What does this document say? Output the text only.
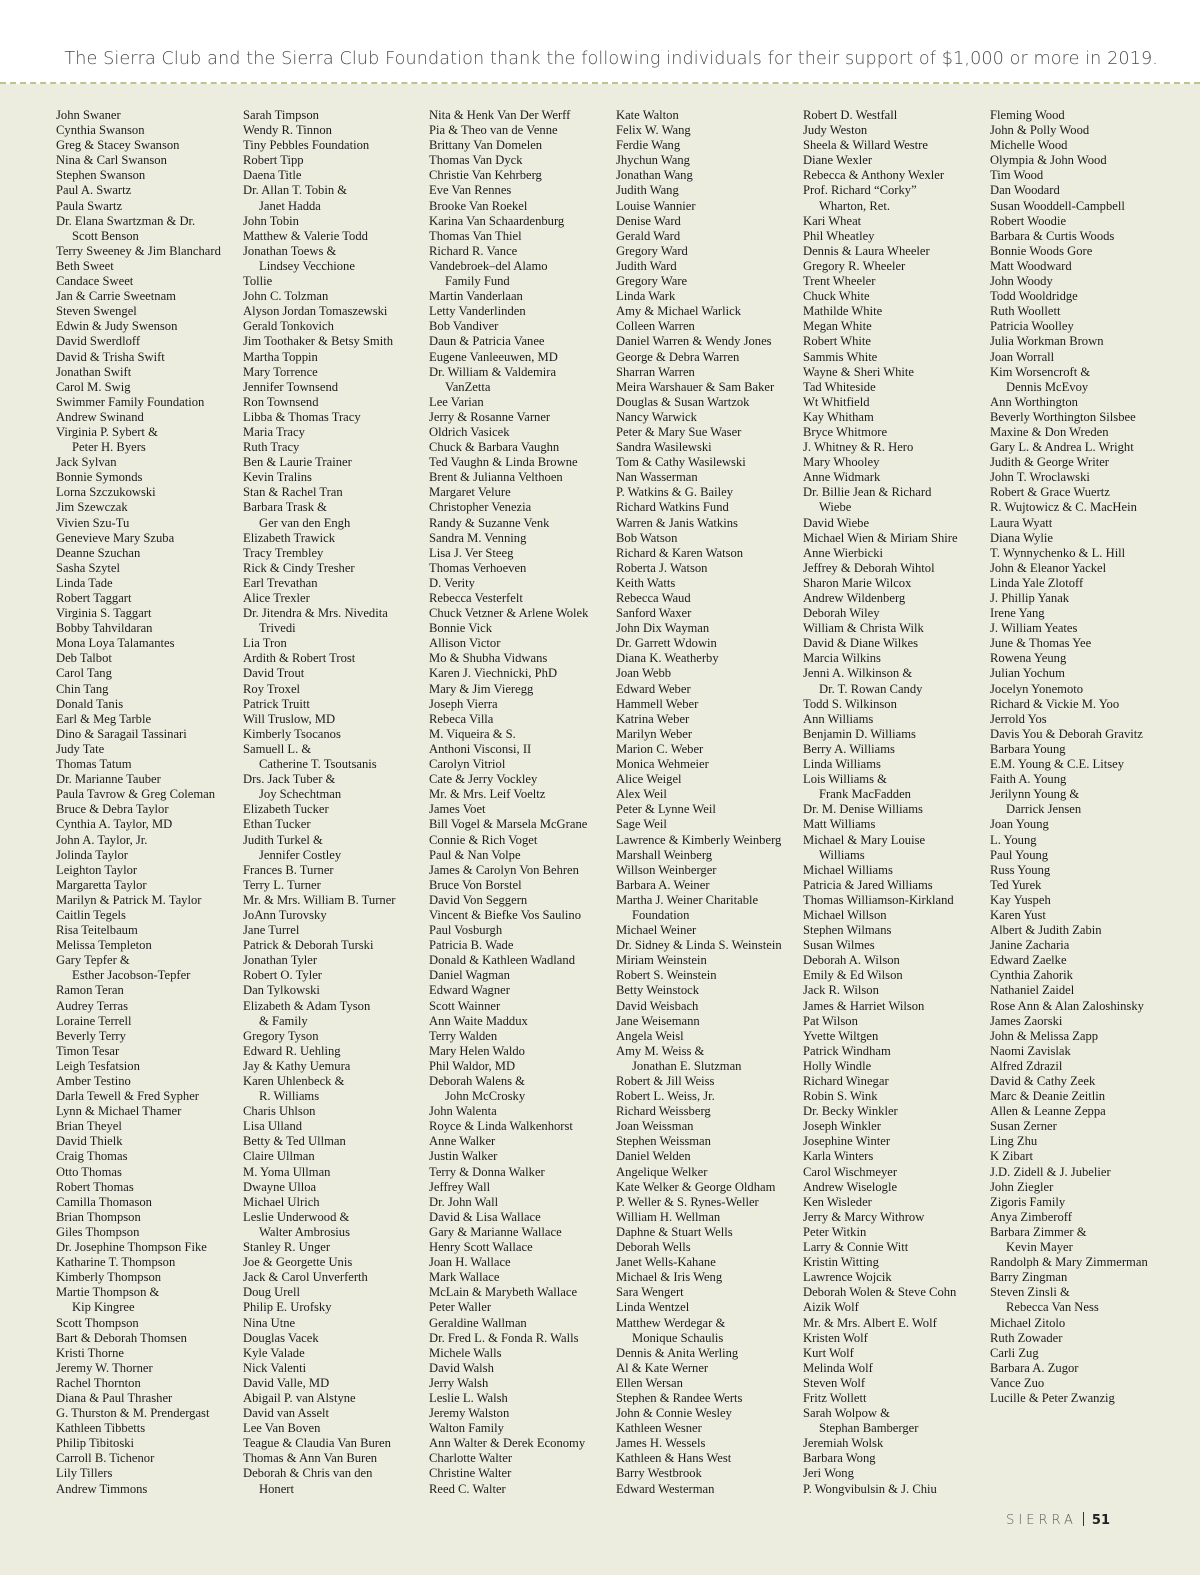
The Sierra Club and the Sierra Club Foundation thank the following individuals for their support of $1,000 or more in 2019.
John Swaner
Cynthia Swanson
Greg & Stacey Swanson
Nina & Carl Swanson
Stephen Swanson
Paul A. Swartz
Paula Swartz
Dr. Elana Swartzman & Dr.
Scott Benson
Terry Sweeney & Jim Blanchard
Beth Sweet
Candace Sweet
Jan & Carrie Sweetnam
Steven Swengel
Edwin & Judy Swenson
David Swerdloff
David & Trisha Swift
Jonathan Swift
Carol M. Swig
Swimmer Family Foundation
Andrew Swinand
Virginia P. Sybert &
Peter H. Byers
Jack Sylvan
Bonnie Symonds
Lorna Szczukowski
Jim Szewczak
Vivien Szu-Tu
Genevieve Mary Szuba
Deanne Szuchan
Sasha Szytel
Linda Tade
Robert Taggart
Virginia S. Taggart
Bobby Tahvildaran
Mona Loya Talamantes
Deb Talbot
Carol Tang
Chin Tang
Donald Tanis
Earl & Meg Tarble
Dino & Saragail Tassinari
Judy Tate
Thomas Tatum
Dr. Marianne Tauber
Paula Tavrow & Greg Coleman
Bruce & Debra Taylor
Cynthia A. Taylor, MD
John A. Taylor, Jr.
Jolinda Taylor
Leighton Taylor
Margaretta Taylor
Marilyn & Patrick M. Taylor
Caitlin Tegels
Risa Teitelbaum
Melissa Templeton
Gary Tepfer &
Esther Jacobson-Tepfer
Ramon Teran
Audrey Terras
Loraine Terrell
Beverly Terry
Timon Tesar
Leigh Tesfatsion
Amber Testino
Darla Tewell & Fred Sypher
Lynn & Michael Thamer
Brian Theyel
David Thielk
Craig Thomas
Otto Thomas
Robert Thomas
Camilla Thomason
Brian Thompson
Giles Thompson
Dr. Josephine Thompson Fike
Katharine T. Thompson
Kimberly Thompson
Martie Thompson &
Kip Kingree
Scott Thompson
Bart & Deborah Thomsen
Kristi Thorne
Jeremy W. Thorner
Rachel Thornton
Diana & Paul Thrasher
G. Thurston & M. Prendergast
Kathleen Tibbetts
Philip Tibitoski
Carroll B. Tichenor
Lily Tillers
Andrew Timmons
Sarah Timpson
Wendy R. Tinnon
Tiny Pebbles Foundation
Robert Tipp
Daena Title
Dr. Allan T. Tobin &
Janet Hadda
John Tobin
Matthew & Valerie Todd
Jonathan Toews &
Lindsey Vecchione
Tollie
John C. Tolzman
Alyson Jordan Tomaszewski
Gerald Tonkovich
Jim Toothaker & Betsy Smith
Martha Toppin
Mary Torrence
Jennifer Townsend
Ron Townsend
Libba & Thomas Tracy
Maria Tracy
Ruth Tracy
Ben & Laurie Trainer
Kevin Tralins
Stan & Rachel Tran
Barbara Trask &
Ger van den Engh
Elizabeth Trawick
Tracy Trembley
Rick & Cindy Tresher
Earl Trevathan
Alice Trexler
Dr. Jitendra & Mrs. Nivedita
Trivedi
Lia Tron
Ardith & Robert Trost
David Trout
Roy Troxel
Patrick Truitt
Will Truslow, MD
Kimberly Tsocanos
Samuell L. &
Catherine T. Tsoutsanis
Drs. Jack Tuber &
Joy Schechtman
Elizabeth Tucker
Ethan Tucker
Judith Turkel &
Jennifer Costley
Frances B. Turner
Terry L. Turner
Mr. & Mrs. William B. Turner
JoAnn Turovsky
Jane Turrel
Patrick & Deborah Turski
Jonathan Tyler
Robert O. Tyler
Dan Tylkowski
Elizabeth & Adam Tyson
& Family
Gregory Tyson
Edward R. Uehling
Jay & Kathy Uemura
Karen Uhlenbeck &
R. Williams
Charis Uhlson
Lisa Ulland
Betty & Ted Ullman
Claire Ullman
M. Yoma Ullman
Dwayne Ulloa
Michael Ulrich
Leslie Underwood &
Walter Ambrosius
Stanley R. Unger
Joe & Georgette Unis
Jack & Carol Unverferth
Doug Urell
Philip E. Urofsky
Nina Utne
Douglas Vacek
Kyle Valade
Nick Valenti
David Valle, MD
Abigail P. van Alstyne
David van Asselt
Lee Van Boven
Teague & Claudia Van Buren
Thomas & Ann Van Buren
Deborah & Chris van den
Honert
Nita & Henk Van Der Werff
Pia & Theo van de Venne
Brittany Van Domelen
Thomas Van Dyck
Christie Van Kehrberg
Eve Van Rennes
Brooke Van Roekel
Karina Van Schaardenburg
Thomas Van Thiel
Richard R. Vance
Vandebroek–del Alamo
Family Fund
Martin Vanderlaan
Letty Vanderlinden
Bob Vandiver
Daun & Patricia Vanee
Eugene Vanleeuwen, MD
Dr. William & Valdemira
VanZetta
Lee Varian
Jerry & Rosanne Varner
Oldrich Vasicek
Chuck & Barbara Vaughn
Ted Vaughn & Linda Browne
Brent & Julianna Velthoen
Margaret Velure
Christopher Venezia
Randy & Suzanne Venk
Sandra M. Venning
Lisa J. Ver Steeg
Thomas Verhoeven
D. Verity
Rebecca Vesterfelt
Chuck Vetzner & Arlene Wolek
Bonnie Vick
Allison Victor
Mo & Shubha Vidwans
Karen J. Viechnicki, PhD
Mary & Jim Vieregg
Joseph Vierra
Rebeca Villa
M. Viqueira & S.
Anthoni Visconsi, II
Carolyn Vitriol
Cate & Jerry Vockley
Mr. & Mrs. Leif Voeltz
James Voet
Bill Vogel & Marsela McGrane
Connie & Rich Voget
Paul & Nan Volpe
James & Carolyn Von Behren
Bruce Von Borstel
David Von Seggern
Vincent & Biefke Vos Saulino
Paul Vosburgh
Patricia B. Wade
Donald & Kathleen Wadland
Daniel Wagman
Edward Wagner
Scott Wainner
Ann Waite Maddux
Terry Walden
Mary Helen Waldo
Phil Waldor, MD
Deborah Walens &
John McCrosky
John Walenta
Royce & Linda Walkenhorst
Anne Walker
Justin Walker
Terry & Donna Walker
Jeffrey Wall
Dr. John Wall
David & Lisa Wallace
Gary & Marianne Wallace
Henry Scott Wallace
Joan H. Wallace
Mark Wallace
McLain & Marybeth Wallace
Peter Waller
Geraldine Wallman
Dr. Fred L. & Fonda R. Walls
Michele Walls
David Walsh
Jerry Walsh
Leslie L. Walsh
Jeremy Walston
Walton Family
Ann Walter & Derek Economy
Charlotte Walter
Christine Walter
Reed C. Walter
Kate Walton
Felix W. Wang
Ferdie Wang
Jhychun Wang
Jonathan Wang
Judith Wang
Louise Wannier
Denise Ward
Gerald Ward
Gregory Ward
Judith Ward
Gregory Ware
Linda Wark
Amy & Michael Warlick
Colleen Warren
Daniel Warren & Wendy Jones
George & Debra Warren
Sharran Warren
Meira Warshauer & Sam Baker
Douglas & Susan Wartzok
Nancy Warwick
Peter & Mary Sue Waser
Sandra Wasilewski
Tom & Cathy Wasilewski
Nan Wasserman
P. Watkins & G. Bailey
Richard Watkins Fund
Warren & Janis Watkins
Bob Watson
Richard & Karen Watson
Roberta J. Watson
Keith Watts
Rebecca Waud
Sanford Waxer
John Dix Wayman
Dr. Garrett Wdowin
Diana K. Weatherby
Joan Webb
Edward Weber
Hammell Weber
Katrina Weber
Marilyn Weber
Marion C. Weber
Monica Wehmeier
Alice Weigel
Alex Weil
Peter & Lynne Weil
Sage Weil
Lawrence & Kimberly Weinberg
Marshall Weinberg
Willson Weinberger
Barbara A. Weiner
Martha J. Weiner Charitable
Foundation
Michael Weiner
Dr. Sidney & Linda S. Weinstein
Miriam Weinstein
Robert S. Weinstein
Betty Weinstock
David Weisbach
Jane Weisemann
Angela Weisl
Amy M. Weiss &
Jonathan E. Slutzman
Robert & Jill Weiss
Robert L. Weiss, Jr.
Richard Weissberg
Joan Weissman
Stephen Weissman
Daniel Welden
Angelique Welker
Kate Welker & George Oldham
P. Weller & S. Rynes-Weller
William H. Wellman
Daphne & Stuart Wells
Deborah Wells
Janet Wells-Kahane
Michael & Iris Weng
Sara Wengert
Linda Wentzel
Matthew Werdegar &
Monique Schaulis
Dennis & Anita Werling
Al & Kate Werner
Ellen Wersan
Stephen & Randee Werts
John & Connie Wesley
Kathleen Wesner
James H. Wessels
Kathleen & Hans West
Barry Westbrook
Edward Westerman
Robert D. Westfall
Judy Weston
Sheela & Willard Westre
Diane Wexler
Rebecca & Anthony Wexler
Prof. Richard “Corky”
Wharton, Ret.
Kari Wheat
Phil Wheatley
Dennis & Laura Wheeler
Gregory R. Wheeler
Trent Wheeler
Chuck White
Mathilde White
Megan White
Robert White
Sammis White
Wayne & Sheri White
Tad Whiteside
Wt Whitfield
Kay Whitham
Bryce Whitmore
J. Whitney & R. Hero
Mary Whooley
Anne Widmark
Dr. Billie Jean & Richard
Wiebe
David Wiebe
Michael Wien & Miriam Shire
Anne Wierbicki
Jeffrey & Deborah Wihtol
Sharon Marie Wilcox
Andrew Wildenberg
Deborah Wiley
William & Christa Wilk
David & Diane Wilkes
Marcia Wilkins
Jenni A. Wilkinson &
Dr. T. Rowan Candy
Todd S. Wilkinson
Ann Williams
Benjamin D. Williams
Berry A. Williams
Linda Williams
Lois Williams &
Frank MacFadden
Dr. M. Denise Williams
Matt Williams
Michael & Mary Louise
Williams
Michael Williams
Patricia & Jared Williams
Thomas Williamson-Kirkland
Michael Willson
Stephen Wilmans
Susan Wilmes
Deborah A. Wilson
Emily & Ed Wilson
Jack R. Wilson
James & Harriet Wilson
Pat Wilson
Yvette Wiltgen
Patrick Windham
Holly Windle
Richard Winegar
Robin S. Wink
Dr. Becky Winkler
Joseph Winkler
Josephine Winter
Karla Winters
Carol Wischmeyer
Andrew Wiselogle
Ken Wisleder
Jerry & Marcy Withrow
Peter Witkin
Larry & Connie Witt
Kristin Witting
Lawrence Wojcik
Deborah Wolen & Steve Cohn
Aizik Wolf
Mr. & Mrs. Albert E. Wolf
Kristen Wolf
Kurt Wolf
Melinda Wolf
Steven Wolf
Fritz Wollett
Sarah Wolpow &
Stephan Bamberger
Jeremiah Wolsk
Barbara Wong
Jeri Wong
P. Wongvibulsin & J. Chiu
Fleming Wood
John & Polly Wood
Michelle Wood
Olympia & John Wood
Tim Wood
Dan Woodard
Susan Wooddell-Campbell
Robert Woodie
Barbara & Curtis Woods
Bonnie Woods Gore
Matt Woodward
John Woody
Todd Wooldridge
Ruth Woollett
Patricia Woolley
Julia Workman Brown
Joan Worrall
Kim Worsencroft &
Dennis McEvoy
Ann Worthington
Beverly Worthington Silsbee
Maxine & Don Wreden
Gary L. & Andrea L. Wright
Judith & George Writer
John T. Wroclawski
Robert & Grace Wuertz
R. Wujtowicz & C. MacHein
Laura Wyatt
Diana Wylie
T. Wynnychenko & L. Hill
John & Eleanor Yackel
Linda Yale Zlotoff
J. Phillip Yanak
Irene Yang
J. William Yeates
June & Thomas Yee
Rowena Yeung
Julian Yochum
Jocelyn Yonemoto
Richard & Vickie M. Yoo
Jerrold Yos
Davis You & Deborah Gravitz
Barbara Young
E.M. Young & C.E. Litsey
Faith A. Young
Jerilynn Young &
Darrick Jensen
Joan Young
L. Young
Paul Young
Russ Young
Ted Yurek
Kay Yuspeh
Karen Yust
Albert & Judith Zabin
Janine Zacharia
Edward Zaelke
Cynthia Zahorik
Nathaniel Zaidel
Rose Ann & Alan Zaloshinsky
James Zaorski
John & Melissa Zapp
Naomi Zavislak
Alfred Zdrazil
David & Cathy Zeek
Marc & Deanie Zeitlin
Allen & Leanne Zeppa
Susan Zerner
Ling Zhu
K Zibart
J.D. Zidell & J. Jubelier
John Ziegler
Zigoris Family
Anya Zimberoff
Barbara Zimmer &
Kevin Mayer
Randolph & Mary Zimmerman
Barry Zingman
Steven Zinsli &
Rebecca Van Ness
Michael Zitolo
Ruth Zowader
Carli Zug
Barbara A. Zugor
Vance Zuo
Lucille & Peter Zwanzig
SIERRA 51
